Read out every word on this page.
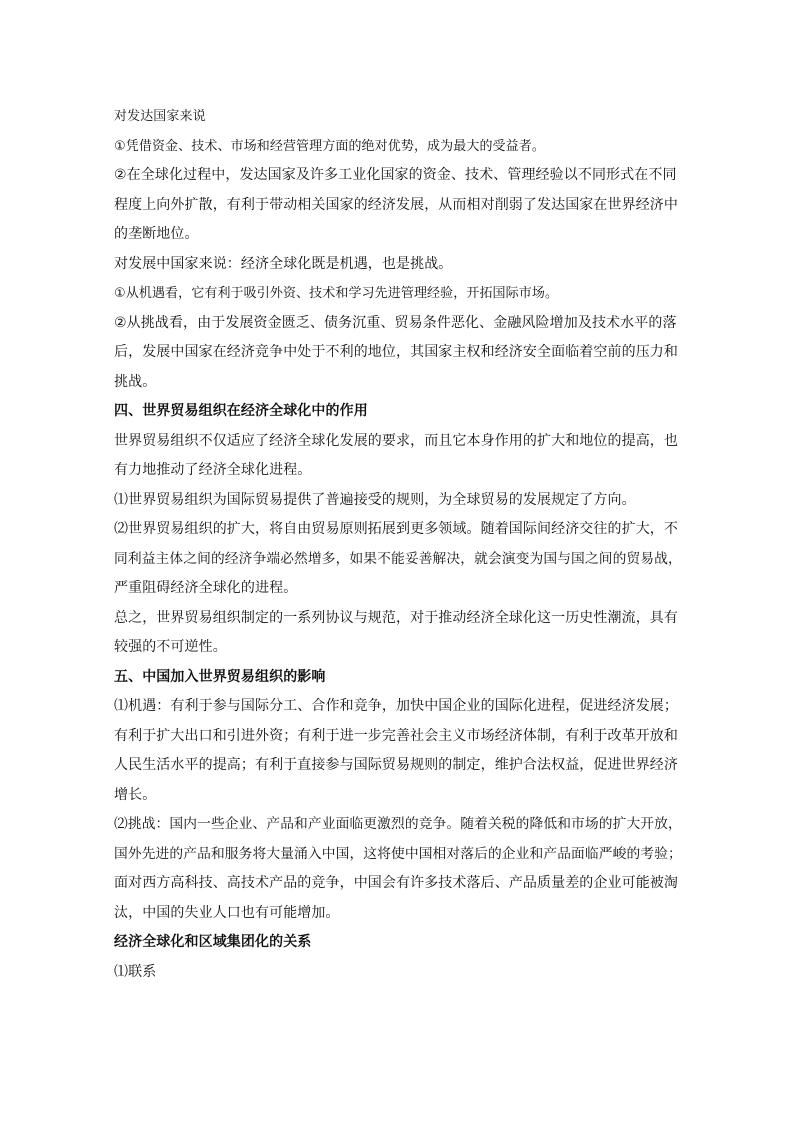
对发达国家来说
①凭借资金、技术、市场和经营管理方面的绝对优势，成为最大的受益者。
②在全球化过程中，发达国家及许多工业化国家的资金、技术、管理经验以不同形式在不同
程度上向外扩散，有利于带动相关国家的经济发展，从而相对削弱了发达国家在世界经济中
的垄断地位。
对发展中国家来说：经济全球化既是机遇，也是挑战。
①从机遇看，它有利于吸引外资、技术和学习先进管理经验，开拓国际市场。
②从挑战看，由于发展资金匮乏、债务沉重、贸易条件恶化、金融风险增加及技术水平的落
后，发展中国家在经济竞争中处于不利的地位，其国家主权和经济安全面临着空前的压力和
挑战。
四、世界贸易组织在经济全球化中的作用
世界贸易组织不仅适应了经济全球化发展的要求，而且它本身作用的扩大和地位的提高，也
有力地推动了经济全球化进程。
⑴世界贸易组织为国际贸易提供了普遍接受的规则，为全球贸易的发展规定了方向。
⑵世界贸易组织的扩大，将自由贸易原则拓展到更多领域。随着国际间经济交往的扩大，不
同利益主体之间的经济争端必然增多，如果不能妥善解决，就会演变为国与国之间的贸易战，
严重阻碍经济全球化的进程。
总之，世界贸易组织制定的一系列协议与规范，对于推动经济全球化这一历史性潮流，具有
较强的不可逆性。
五、中国加入世界贸易组织的影响
⑴机遇：有利于参与国际分工、合作和竞争，加快中国企业的国际化进程，促进经济发展；
有利于扩大出口和引进外资；有利于进一步完善社会主义市场经济体制，有利于改革开放和
人民生活水平的提高；有利于直接参与国际贸易规则的制定，维护合法权益，促进世界经济
增长。
⑵挑战：国内一些企业、产品和产业面临更激烈的竞争。随着关税的降低和市场的扩大开放，
国外先进的产品和服务将大量涌入中国，这将使中国相对落后的企业和产品面临严峻的考验；
面对西方高科技、高技术产品的竞争，中国会有许多技术落后、产品质量差的企业可能被淘
汰，中国的失业人口也有可能增加。
经济全球化和区域集团化的关系
⑴联系
